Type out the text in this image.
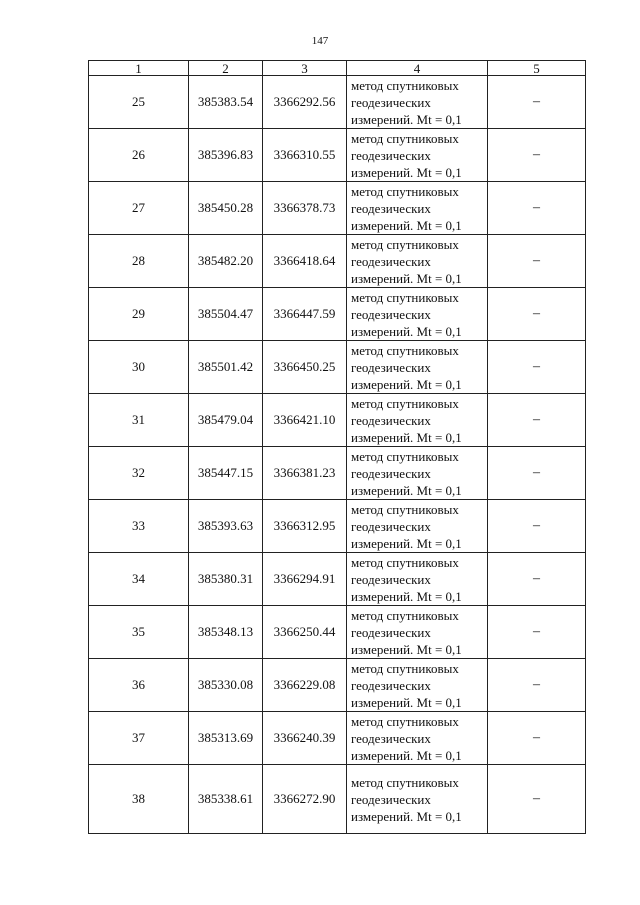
147
1	2	3	4	5
25	385383.54	3366292.56	метод спутниковых
геодезических
измерений. Mt = 0,1	–
26	385396.83	3366310.55	метод спутниковых
геодезических
измерений. Mt = 0,1	–
27	385450.28	3366378.73	метод спутниковых
геодезических
измерений. Mt = 0,1	–
28	385482.20	3366418.64	метод спутниковых
геодезических
измерений. Mt = 0,1	–
29	385504.47	3366447.59	метод спутниковых
геодезических
измерений. Mt = 0,1	–
30	385501.42	3366450.25	метод спутниковых
геодезических
измерений. Mt = 0,1	–
31	385479.04	3366421.10	метод спутниковых
геодезических
измерений. Mt = 0,1	–
32	385447.15	3366381.23	метод спутниковых
геодезических
измерений. Mt = 0,1	–
33	385393.63	3366312.95	метод спутниковых
геодезических
измерений. Mt = 0,1	–
34	385380.31	3366294.91	метод спутниковых
геодезических
измерений. Mt = 0,1	–
35	385348.13	3366250.44	метод спутниковых
геодезических
измерений. Mt = 0,1	–
36	385330.08	3366229.08	метод спутниковых
геодезических
измерений. Mt = 0,1	–
37	385313.69	3366240.39	метод спутниковых
геодезических
измерений. Mt = 0,1	–
38	385338.61	3366272.90	метод спутниковых
геодезических
измерений. Mt = 0,1	–
